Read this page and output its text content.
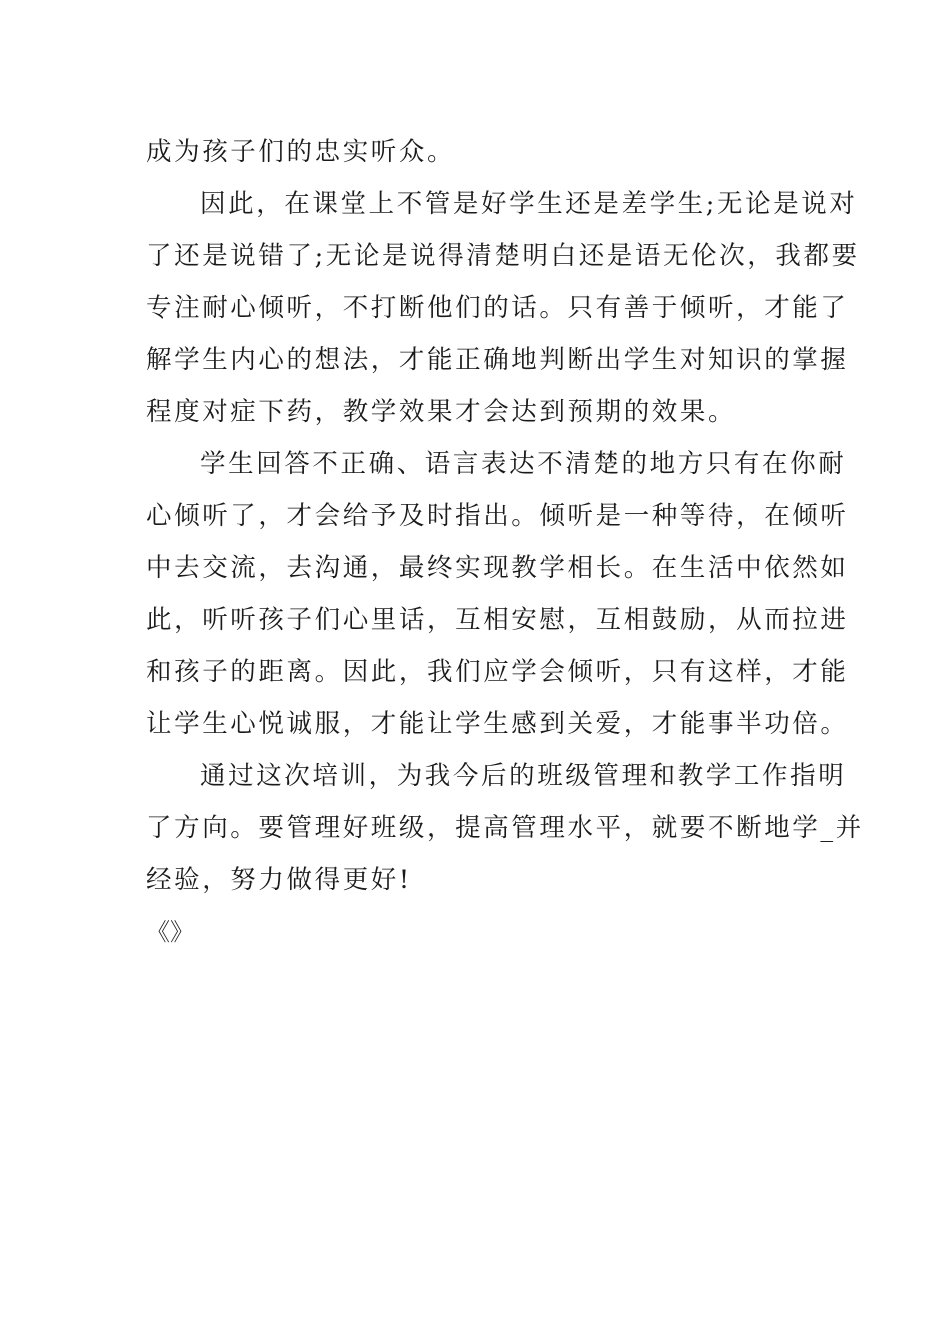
成为孩子们的忠实听众。
因此，在课堂上不管是好学生还是差学生;无论是说对
了还是说错了;无论是说得清楚明白还是语无伦次，我都要
专注耐心倾听，不打断他们的话。只有善于倾听，才能了
解学生内心的想法，才能正确地判断出学生对知识的掌握
程度对症下药，教学效果才会达到预期的效果。
学生回答不正确、语言表达不清楚的地方只有在你耐
心倾听了，才会给予及时指出。倾听是一种等待，在倾听
中去交流，去沟通，最终实现教学相长。在生活中依然如
此，听听孩子们心里话，互相安慰，互相鼓励，从而拉进
和孩子的距离。因此，我们应学会倾听，只有这样，才能
让学生心悦诚服，才能让学生感到关爱，才能事半功倍。
通过这次培训，为我今后的班级管理和教学工作指明
了方向。要管理好班级，提高管理水平，就要不断地学_并
经验，努力做得更好!
《》
